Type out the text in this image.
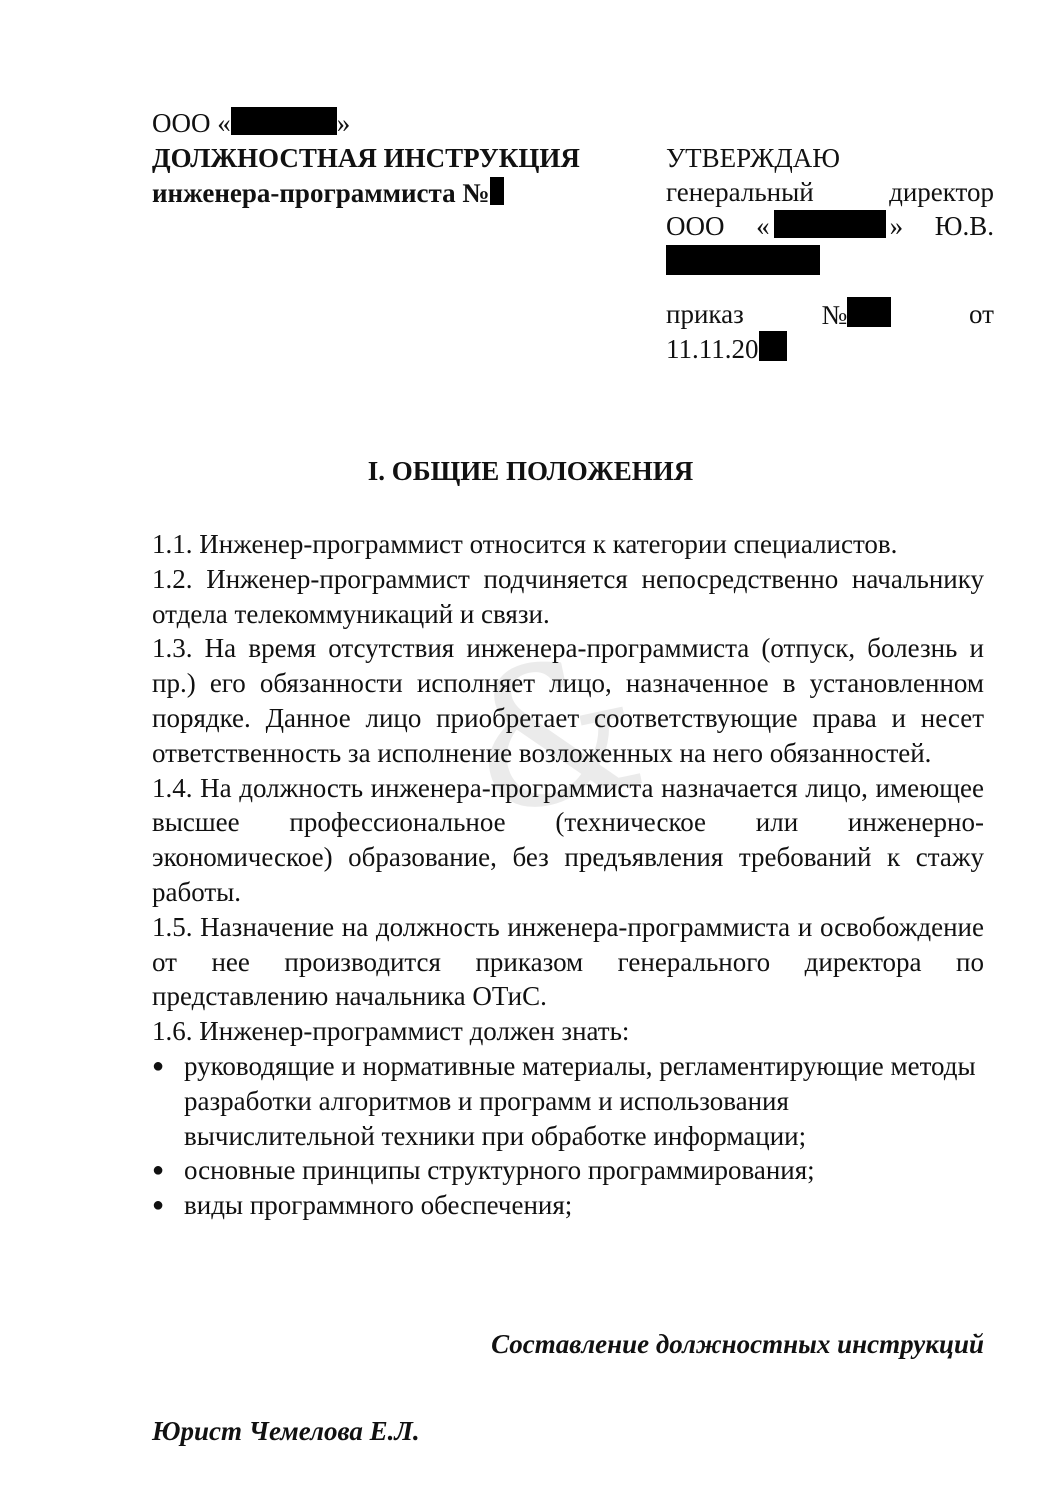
ООО «	»
ДОЛЖНОСТНАЯ ИНСТРУКЦИЯ
инженера-программиста №
УТВЕРЖДАЮ
генеральный	директор
ООО «	» Ю.В.
приказ	№	от
11.11.20
I. ОБЩИЕ ПОЛОЖЕНИЯ
&

1.1. Инженер-программист относится к категории специалистов.

1.2. Инженер-программист подчиняется непосредственно начальнику отдела телекоммуникаций и связи.

1.3. На время отсутствия инженера-программиста (отпуск, болезнь и пр.) его обязанности исполняет лицо, назначенное в установленном порядке. Данное лицо приобретает соответствующие права и несет ответственность за исполнение возложенных на него обязанностей.

1.4. На должность инженера-программиста назначается лицо, имеющее высшее профессиональное (техническое или инженерно-экономическое) образование, без предъявления требований к стажу работы.

1.5. Назначение на должность инженера-программиста и освобождение от нее производится приказом генерального директора по представлению начальника ОТиС.

1.6. Инженер-программист должен знать:

● руководящие и нормативные материалы, регламентирующие методы разработки алгоритмов и программ и использования вычислительной техники при обработке информации;
● основные принципы структурного программирования;
● виды программного обеспечения;
Составление должностных инструкций
Юрист Чемелова Е.Л.
